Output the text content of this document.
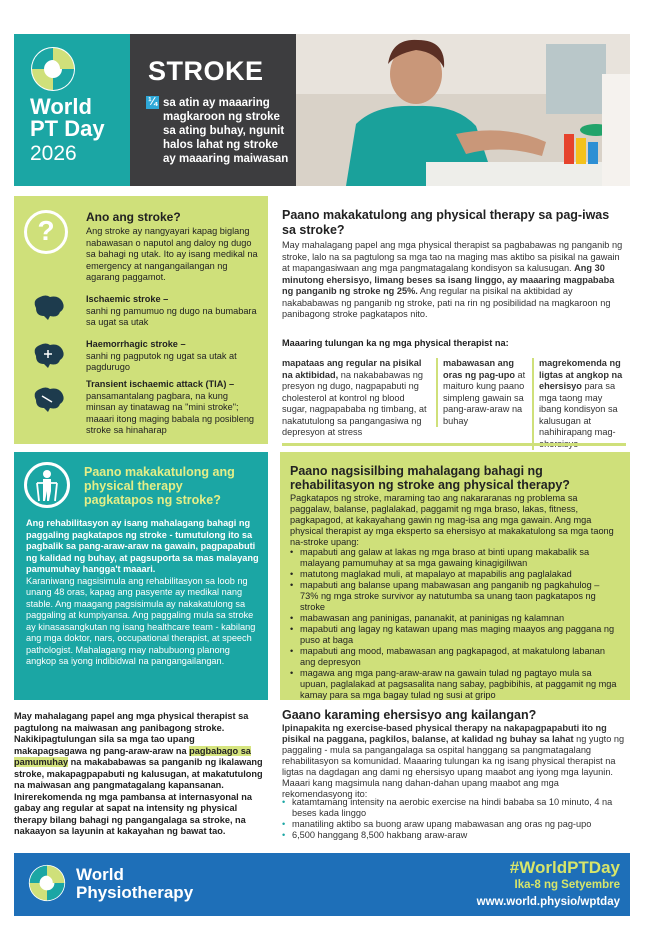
World
PT Day
2026
STROKE
¼ sa atin ay maaaring magkaroon ng stroke sa ating buhay, ngunit halos lahat ng stroke ay maaaring maiwasan
?	Ano ang stroke?
Ang stroke ay nangyayari kapag biglang nabawasan o naputol ang daloy ng dugo sa bahagi ng utak. Ito ay isang medikal na emergency at nangangailangan ng agarang paggamot.
Ischaemic stroke –
sanhi ng pamumuo ng dugo na bumabara sa ugat sa utak
Haemorrhagic stroke –
sanhi ng pagputok ng ugat sa utak at pagdurugo
Transient ischaemic attack (TIA) –
pansamantalang pagbara, na kung minsan ay tinatawag na "mini stroke"; maaari itong maging babala ng posibleng stroke sa hinaharap
Paano makakatulong ang physical therapy pagkatapos ng stroke?
Ang rehabilitasyon ay isang mahalagang bahagi ng paggaling pagkatapos ng stroke - tumutulong ito sa pagbalik sa pang-araw-araw na gawain, pagpapabuti ng kalidad ng buhay, at pagsuporta sa mas malayang pamumuhay hangga't maaari.
Karaniwang nagsisimula ang rehabilitasyon sa loob ng unang 48 oras, kapag ang pasyente ay medikal nang stable. Ang maagang pagsisimula ay nakakatulong sa paggaling at kumpiyansa. Ang paggaling mula sa stroke ay kinasasangkutan ng isang healthcare team - kabilang ang mga doktor, nars, occupational therapist, at speech pathologist. Mahalagang may nabubuong planong angkop sa iyong indibidwal na pangangailangan.
May mahalagang papel ang mga physical therapist sa pagtulong na maiwasan ang panibagong stroke. Nakikipagtulungan sila sa mga tao upang makapagsagawa ng pang-araw-araw na pagbabago sa pamumuhay na makababawas sa panganib ng ikalawang stroke, makapagpapabuti ng kalusugan, at makatutulong na maiwasan ang pangmatagalang kapansanan. Inirerekomenda ng mga pambansa at internasyonal na gabay ang regular at sapat na intensity ng physical therapy bilang bahagi ng pangangalaga sa stroke, na nakaayon sa layunin at kakayahan ng bawat tao.
Paano makakatulong ang physical therapy sa pag-iwas sa stroke?
May mahalagang papel ang mga physical therapist sa pagbabawas ng panganib ng stroke, lalo na sa pagtulong sa mga tao na maging mas aktibo sa pisikal na gawain at mapangasiwaan ang mga pangmatagalang kondisyon sa kalusugan. Ang 30 minutong ehersisyo, limang beses sa isang linggo, ay maaaring magpababa ng panganib ng stroke ng 25%. Ang regular na pisikal na aktibidad ay nakababawas ng panganib ng stroke, pati na rin ng posibilidad na magkaroon ng panibagong stroke pagkatapos nito.
Maaaring tulungan ka ng mga physical therapist na:
mapataas ang regular na pisikal na aktibidad, na nakababawas ng presyon ng dugo, nagpapabuti ng cholesterol at kontrol ng blood sugar, nagpapababa ng timbang, at nakatutulong sa pangangasiwa ng depresyon at stress
mabawasan ang oras ng pag-upo at maituro kung paano simpleng gawain sa pang-araw-araw na buhay
magrekomenda ng ligtas at angkop na ehersisyo para sa mga taong may ibang kondisyon sa kalusugan at nahihirapang mag-
Paano nagsisilbing mahalagang bahagi ng rehabilitasyon ng stroke ang physical therapy?
Pagkatapos ng stroke, maraming tao ang nakararanas ng problema sa paggalaw, balanse, paglalakad, paggamit ng mga braso, lakas, fitness, pagkapagod, at kakayahang gawin ng mag-isa ang mga gawain. Ang mga physical therapist ay mga eksperto sa ehersisyo at makakatulong sa mga taong na-stroke upang:
• mapabuti ang galaw at lakas ng mga braso at binti upang makabalik sa malayang pamumuhay at sa mga gawaing kinagigiliwan
• matutong maglakad muli, at mapalayo at mapabilis ang paglalakad
• mapabuti ang balanse upang mabawasan ang panganib ng pagkahulog – 73% ng mga stroke survivor ay natutumba sa unang taon pagkatapos ng stroke
• mabawasan ang paninigas, pananakit, at paninigas ng kalamnan
• mapabuti ang lagay ng katawan upang mas maging maayos ang paggana ng puso at baga
• mapabuti ang mood, mabawasan ang pagkapagod, at makatulong labanan ang depresyon
• magawa ang mga pang-araw-araw na gawain tulad ng pagtayo mula sa upuan, paglalakad at pagsasalita nang sabay, pagbibihis, at paggamit ng mga kamay para sa mga bagay tulad ng susi at gripo
Gaano karaming ehersisyo ang kailangan?
Ipinapakita ng exercise-based physical therapy na nakapagpapabuti ito ng pisikal na paggana, pagkilos, balanse, at kalidad ng buhay sa lahat ng yugto ng paggaling - mula sa pangangalaga sa ospital hanggang sa pangmatagalang rehabilitasyon sa komunidad. Maaaring tulungan ka ng isang physical therapist na ligtas na dagdagan ang dami ng ehersisyo upang maabot ang iyong mga layunin. Maaari kang magsimula nang dahan-dahan upang maabot ang mga rekomendasyong ito:
• katamtamang intensity na aerobic exercise na hindi bababa sa 10 minuto, 4 na beses kada linggo
• manatiling aktibo sa buong araw upang mabawasan ang oras ng pag-upo
• 6,500 hanggang 8,500 hakbang araw-araw
World
Physiotherapy
#WorldPTDay
Ika-8 ng Setyembre
www.world.physio/wptday
